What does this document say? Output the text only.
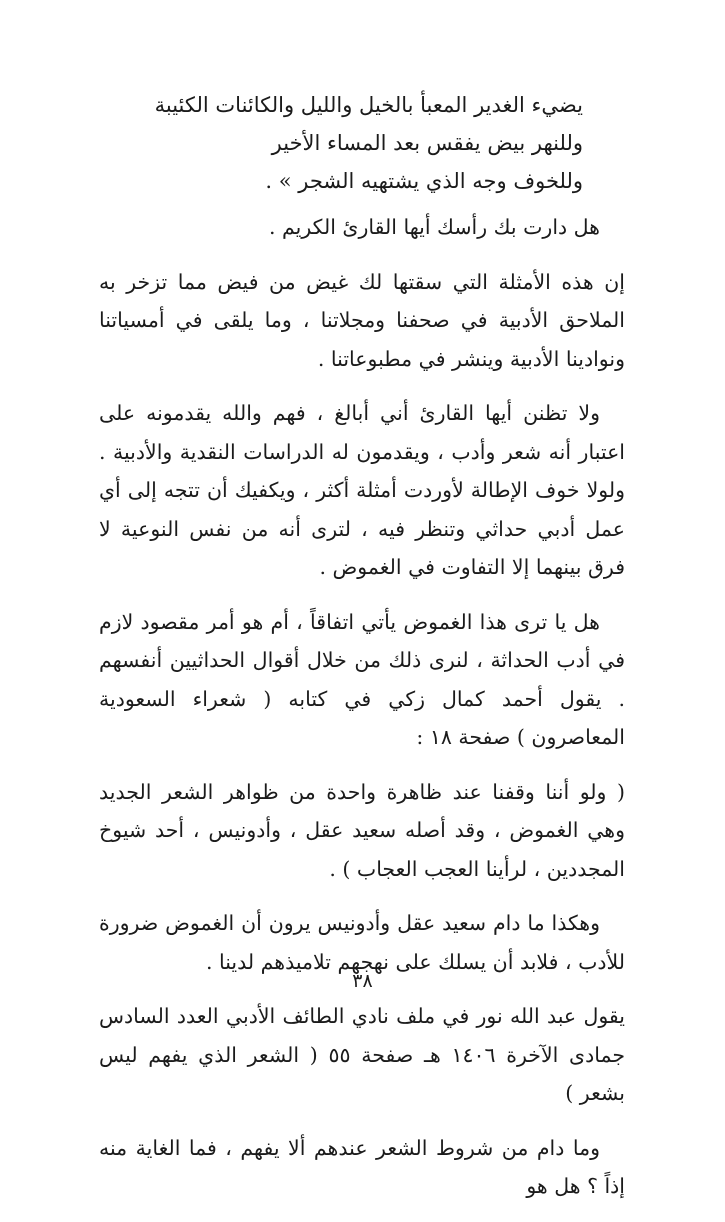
يضيء الغدير المعبأ بالخيل والليل والكائنات الكئيبة
وللنهر بيض يفقس بعد المساء الأخير
وللخوف وجه الذي يشتهيه الشجر » .

هل دارت بك رأسك أيها القارئ الكريم .

إن هذه الأمثلة التي سقتها لك غيض من فيض مما تزخر به الملاحق الأدبية في صحفنا ومجلاتنا ، وما يلقى في أمسياتنا ونوادينا الأدبية وينشر في مطبوعاتنا .

ولا تظنن أيها القارئ أني أبالغ ، فهم والله يقدمونه على اعتبار أنه شعر وأدب ، ويقدمون له الدراسات النقدية والأدبية . ولولا خوف الإطالة لأوردت أمثلة أكثر ، ويكفيك أن تتجه إلى أي عمل أدبي حداثي وتنظر فيه ، لترى أنه من نفس النوعية لا فرق بينهما إلا التفاوت في الغموض .

هل يا ترى هذا الغموض يأتي اتفاقاً ، أم هو أمر مقصود لازم في أدب الحداثة ، لنرى ذلك من خلال أقوال الحداثيين أنفسهم . يقول أحمد كمال زكي في كتابه ( شعراء السعودية المعاصرون ) صفحة ١٨ :

( ولو أننا وقفنا عند ظاهرة واحدة من ظواهر الشعر الجديد وهي الغموض ، وقد أصله سعيد عقل ، وأدونيس ، أحد شيوخ المجددين ، لرأينا العجب العجاب ) .

وهكذا ما دام سعيد عقل وأدونيس يرون أن الغموض ضرورة للأدب ، فلابد أن يسلك على نهجهم تلاميذهم لدينا .

يقول عبد الله نور في ملف نادي الطائف الأدبي العدد السادس جمادى الآخرة ١٤٠٦ هـ صفحة ٥٥ ( الشعر الذي يفهم ليس بشعر )

وما دام من شروط الشعر عندهم ألا يفهم ، فما الغاية منه إذاً ؟ هل هو

٣٨
